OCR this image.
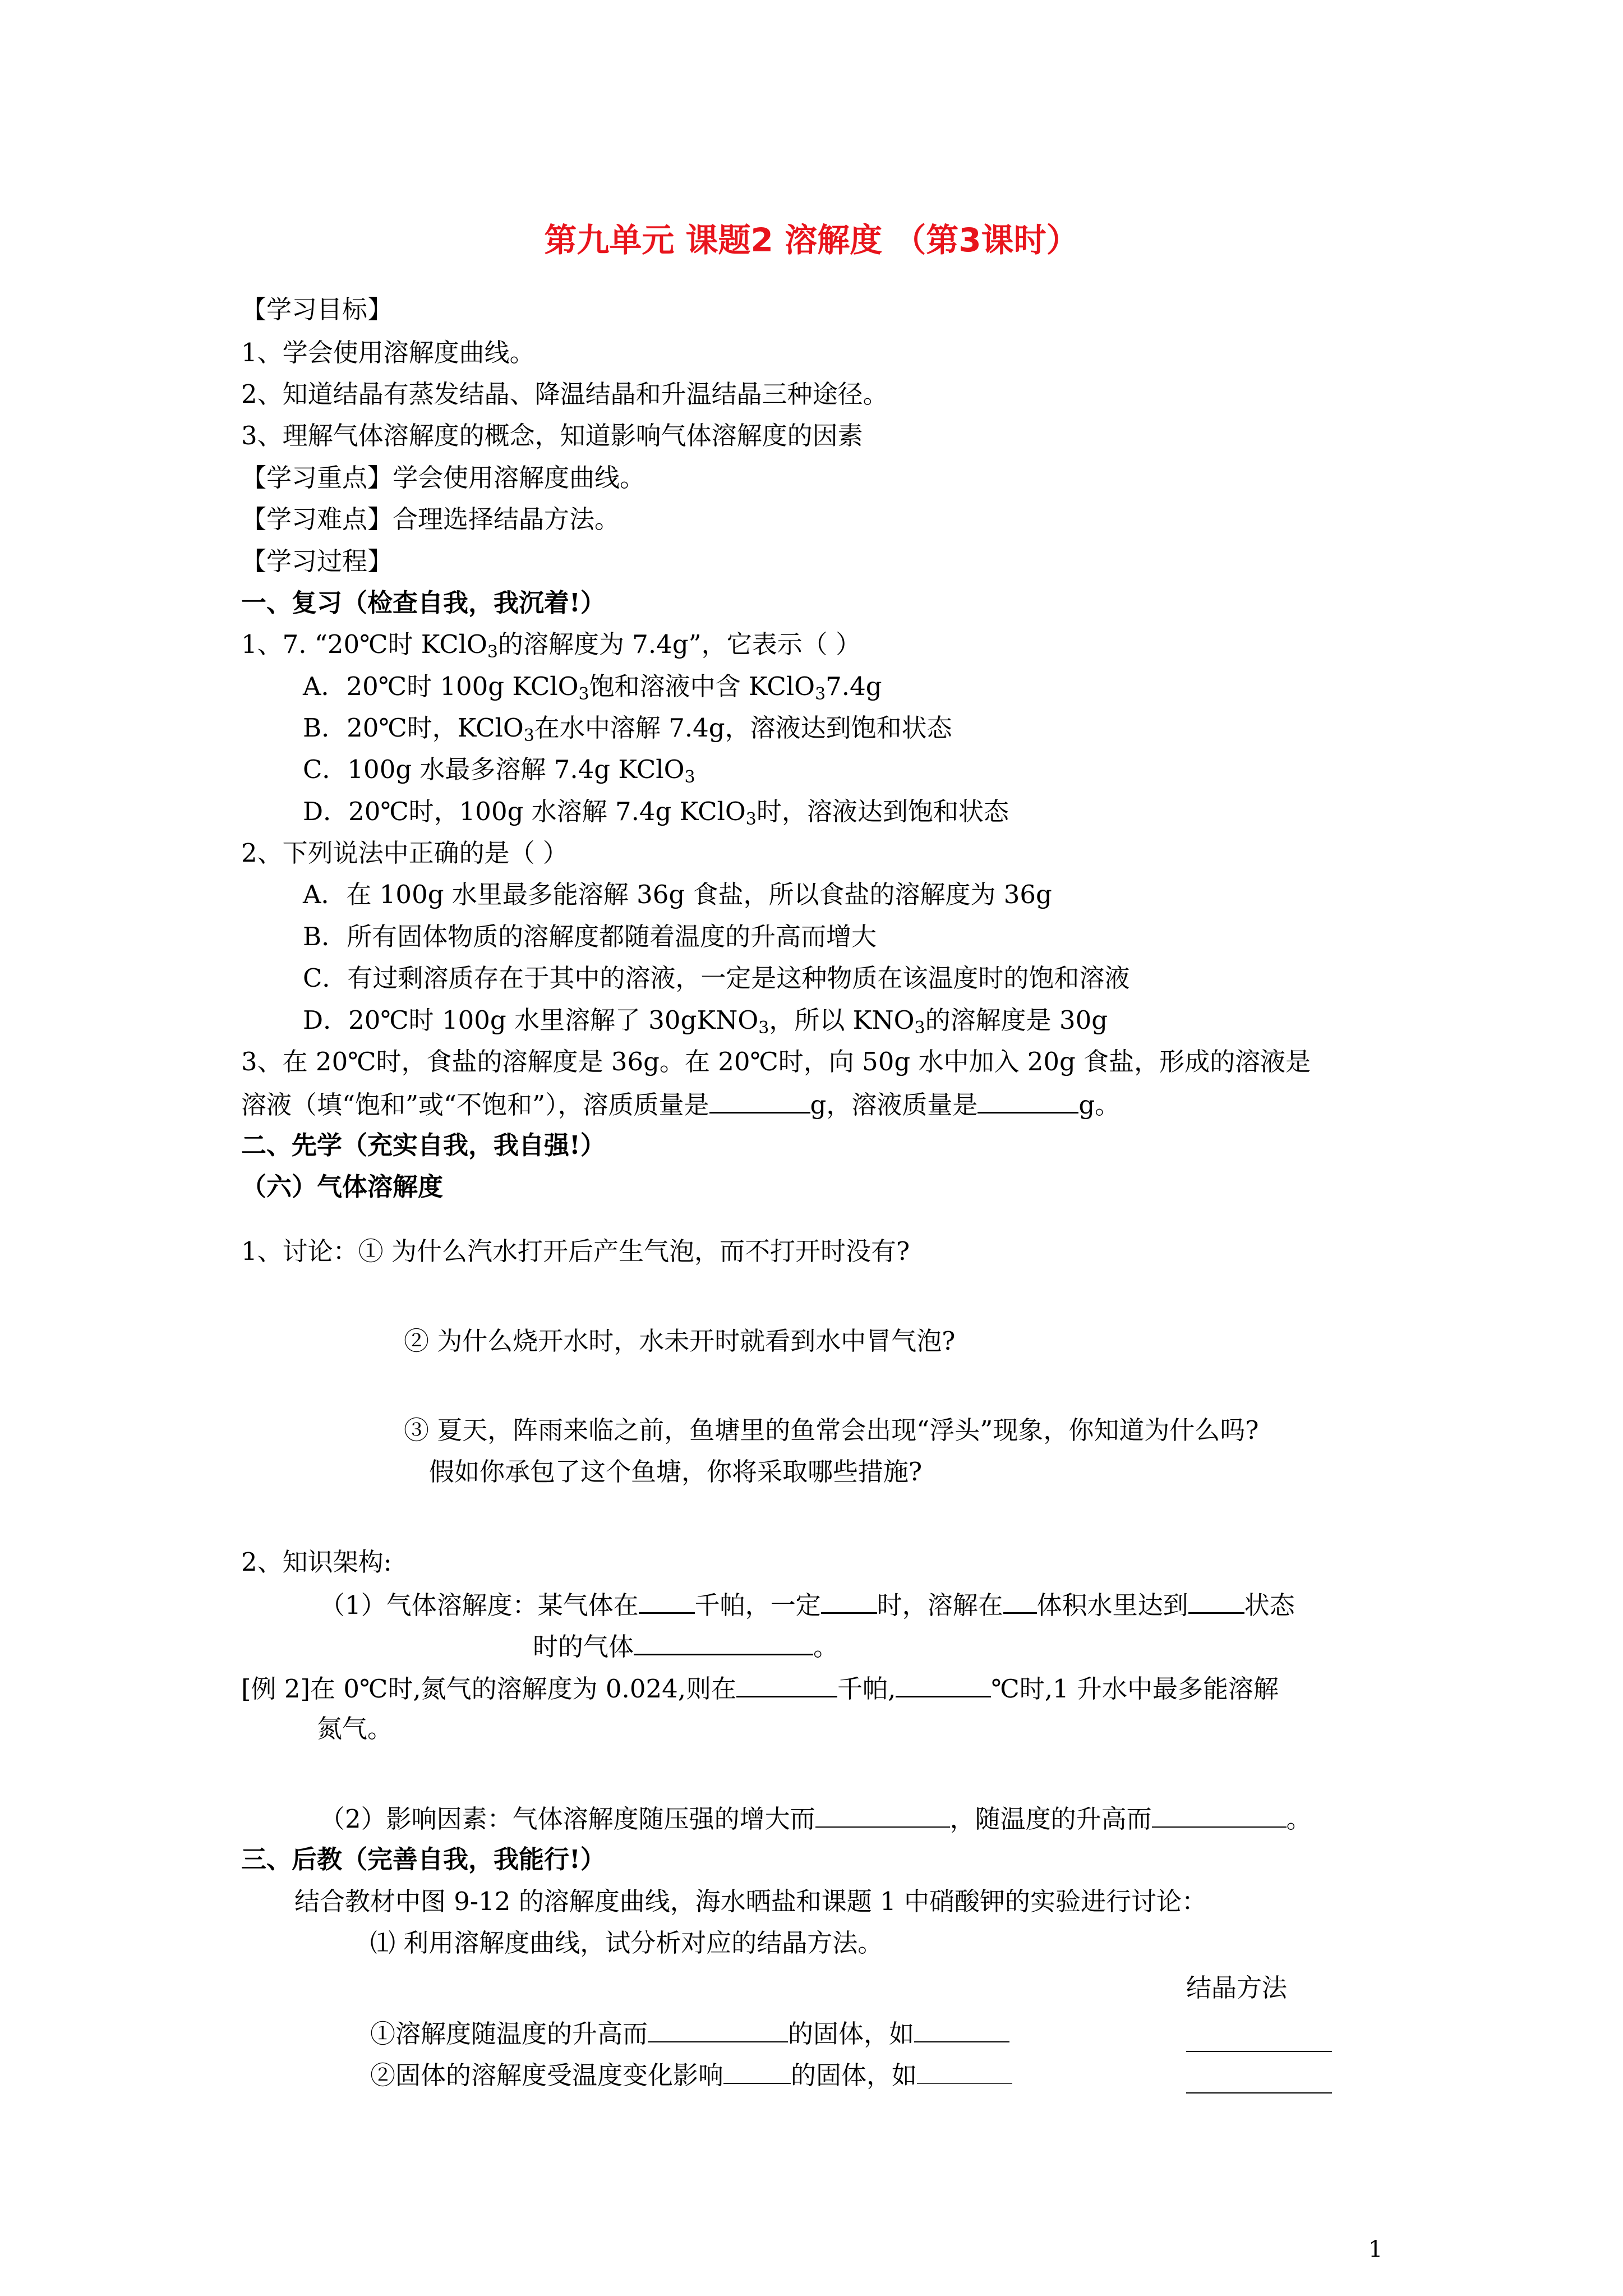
第九单元 课题2 溶解度 （第3课时）
【学习目标】
1、学会使用溶解度曲线。
2、知道结晶有蒸发结晶、降温结晶和升温结晶三种途径。
3、理解气体溶解度的概念，知道影响气体溶解度的因素
【学习重点】学会使用溶解度曲线。
【学习难点】合理选择结晶方法。
【学习过程】
一、复习（检查自我，我沉着!）
1、7. “20℃时 KClO$_3$的溶解度为 7.4g”，它表示（ ）
A．20℃时 100g KClO$_3$饱和溶液中含 KClO$_3$7.4g
B．20℃时，KClO$_3$在水中溶解 7.4g，溶液达到饱和状态
C．100g 水最多溶解 7.4g KClO$_3$
D．20℃时，100g 水溶解 7.4g KClO$_3$时，溶液达到饱和状态
2、下列说法中正确的是（ ）
A．在 100g 水里最多能溶解 36g 食盐，所以食盐的溶解度为 36g
B．所有固体物质的溶解度都随着温度的升高而增大
C．有过剩溶质存在于其中的溶液，一定是这种物质在该温度时的饱和溶液
D．20℃时 100g 水里溶解了 30gKNO$_3$，所以 $KNO_3$的溶解度是 30g
3、在 20℃时，食盐的溶解度是 36g。在 20℃时，向 50g 水中加入 20g 食盐，形成的溶液是
溶液（填“饱和”或“不饱和”），溶质质量是	g，溶液质量是	g。
二、先学（充实自我，我自强!）
（六）气体溶解度
1、讨论：① 为什么汽水打开后产生气泡，而不打开时没有?
② 为什么烧开水时，水未开时就看到水中冒气泡?
③ 夏天，阵雨来临之前，鱼塘里的鱼常会出现“浮头”现象，你知道为什么吗?
假如你承包了这个鱼塘，你将采取哪些措施?
2、知识架构:
（1）气体溶解度：某气体在 千帕，一定 时，溶解在 体积水里达到 状态
时的气体	。
[例 2]在 0℃时,氮气的溶解度为 0.024,则在	千帕,	℃时,1 升水中最多能溶解
氮气。
（2）影响因素：气体溶解度随压强的增大而	，随温度的升高而	。
三、后教（完善自我，我能行!）
结合教材中图 9-12 的溶解度曲线，海水晒盐和课题 1 中硝酸钾的实验进行讨论：
⑴ 利用溶解度曲线，试分析对应的结晶方法。
结晶方法
①溶解度随温度的升高而	的固体，如
②固体的溶解度受温度变化影响	的固体，如
1
